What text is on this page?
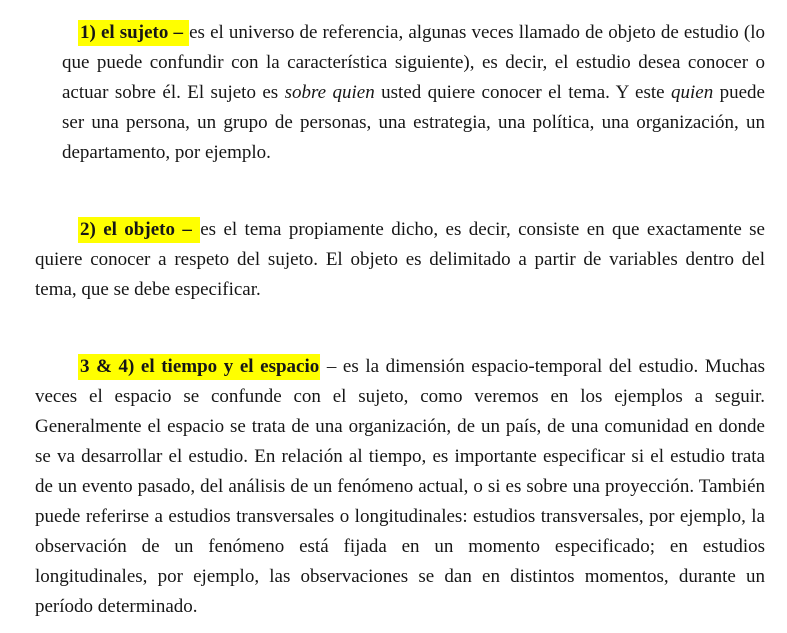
1) el sujeto – es el universo de referencia, algunas veces llamado de objeto de estudio (lo que puede confundir con la característica siguiente), es decir, el estudio desea conocer o actuar sobre él. El sujeto es sobre quien usted quiere conocer el tema. Y este quien puede ser una persona, un grupo de personas, una estrategia, una política, una organización, un departamento, por ejemplo.

2) el objeto – es el tema propiamente dicho, es decir, consiste en que exactamente se quiere conocer a respeto del sujeto. El objeto es delimitado a partir de variables dentro del tema, que se debe especificar.

3 & 4) el tiempo y el espacio – es la dimensión espacio-temporal del estudio. Muchas veces el espacio se confunde con el sujeto, como veremos en los ejemplos a seguir. Generalmente el espacio se trata de una organización, de un país, de una comunidad en donde se va desarrollar el estudio. En relación al tiempo, es importante especificar si el estudio trata de un evento pasado, del análisis de un fenómeno actual, o si es sobre una proyección. También puede referirse a estudios transversales o longitudinales: estudios transversales, por ejemplo, la observación de un fenómeno está fijada en un momento especificado; en estudios longitudinales, por ejemplo, las observaciones se dan en distintos momentos, durante un período determinado.
